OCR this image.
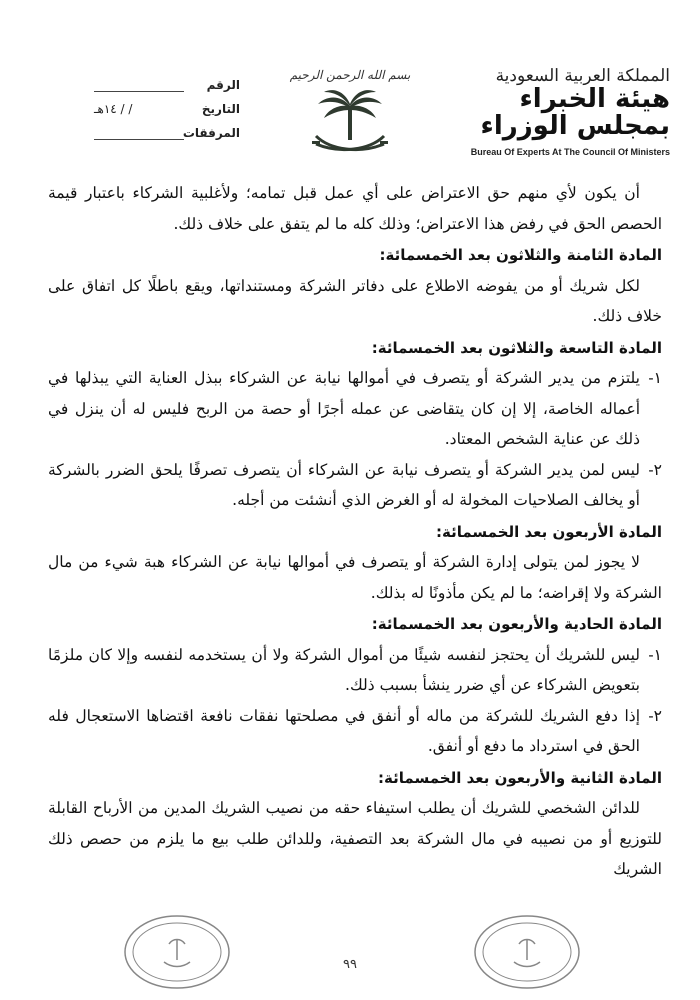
بسم الله الرحمن الرحيم	المملكة العربية السعودية
هيئة الخبراء بمجلس الوزراء
Bureau Of Experts At The Council Of Ministers
الرقم
التاريخ
/ / ١٤هـ
المرفقات

أن يكون لأي منهم حق الاعتراض على أي عمل قبل تمامه؛ ولأغلبية الشركاء باعتبار قيمة الحصص الحق في رفض هذا الاعتراض؛ وذلك كله ما لم يتفق على خلاف ذلك.

المادة الثامنة والثلاثون بعد الخمسمائة:

لكل شريك أو من يفوضه الاطلاع على دفاتر الشركة ومستنداتها، ويقع باطلًا كل اتفاق على خلاف ذلك.

المادة التاسعة والثلاثون بعد الخمسمائة:

١-
يلتزم من يدير الشركة أو يتصرف في أموالها نيابة عن الشركاء ببذل العناية التي يبذلها في أعماله الخاصة، إلا إن كان يتقاضى عن عمله أجرًا أو حصة من الربح فليس له أن ينزل في ذلك عن عناية الشخص المعتاد.
٢-
ليس لمن يدير الشركة أو يتصرف نيابة عن الشركاء أن يتصرف تصرفًا يلحق الضرر بالشركة أو يخالف الصلاحيات المخولة له أو الغرض الذي أنشئت من أجله.

المادة الأربعون بعد الخمسمائة:

لا يجوز لمن يتولى إدارة الشركة أو يتصرف في أموالها نيابة عن الشركاء هبة شيء من مال الشركة ولا إقراضه؛ ما لم يكن مأذونًا له بذلك.

المادة الحادية والأربعون بعد الخمسمائة:

١-
ليس للشريك أن يحتجز لنفسه شيئًا من أموال الشركة ولا أن يستخدمه لنفسه وإلا كان ملزمًا بتعويض الشركاء عن أي ضرر ينشأ بسبب ذلك.
٢-
إذا دفع الشريك للشركة من ماله أو أنفق في مصلحتها نفقات نافعة اقتضاها الاستعجال فله الحق في استرداد ما دفع أو أنفق.

المادة الثانية والأربعون بعد الخمسمائة:

للدائن الشخصي للشريك أن يطلب استيفاء حقه من نصيب الشريك المدين من الأرباح القابلة للتوزيع أو من نصيبه في مال الشركة بعد التصفية، وللدائن طلب بيع ما يلزم من حصص ذلك الشريك

٩٩
